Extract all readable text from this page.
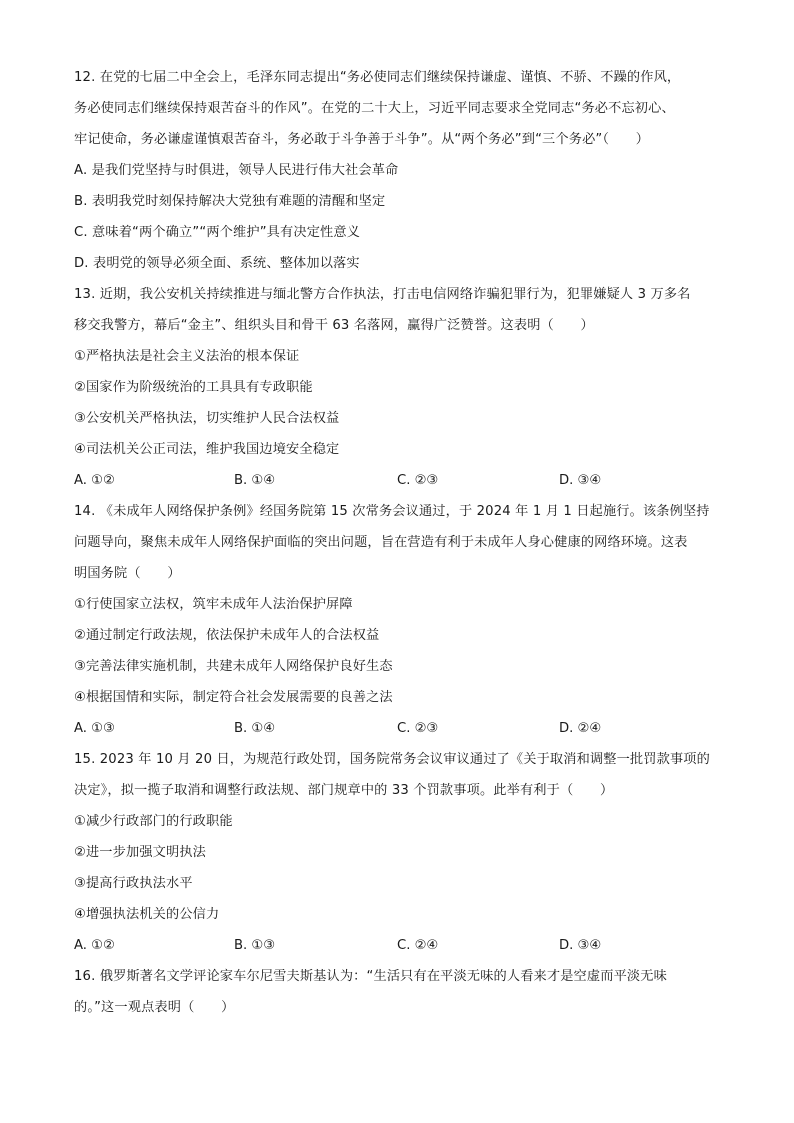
12. 在党的七届二中全会上，毛泽东同志提出“务必使同志们继续保持谦虚、谨慎、不骄、不躁的作风，
务必使同志们继续保持艰苦奋斗的作风”。在党的二十大上，习近平同志要求全党同志“务必不忘初心、
牢记使命，务必谦虚谨慎艰苦奋斗，务必敢于斗争善于斗争”。从“两个务必”到“三个务必”（　　）
A. 是我们党坚持与时俱进，领导人民进行伟大社会革命
B. 表明我党时刻保持解决大党独有难题的清醒和坚定
C. 意味着“两个确立”“两个维护”具有决定性意义
D. 表明党的领导必须全面、系统、整体加以落实
13. 近期，我公安机关持续推进与缅北警方合作执法，打击电信网络诈骗犯罪行为，犯罪嫌疑人 3 万多名
移交我警方，幕后“金主”、组织头目和骨干 63 名落网，赢得广泛赞誉。这表明（　　）
①严格执法是社会主义法治的根本保证
②国家作为阶级统治的工具具有专政职能
③公安机关严格执法，切实维护人民合法权益
④司法机关公正司法，维护我国边境安全稳定
A. ①②	B. ①④	C. ②③	D. ③④
14. 《未成年人网络保护条例》经国务院第 15 次常务会议通过，于 2024 年 1 月 1 日起施行。该条例坚持
问题导向，聚焦未成年人网络保护面临的突出问题，旨在营造有利于未成年人身心健康的网络环境。这表
明国务院（　　）
①行使国家立法权，筑牢未成年人法治保护屏障
②通过制定行政法规，依法保护未成年人的合法权益
③完善法律实施机制，共建未成年人网络保护良好生态
④根据国情和实际，制定符合社会发展需要的良善之法
A. ①③	B. ①④	C. ②③	D. ②④
15. 2023 年 10 月 20 日，为规范行政处罚，国务院常务会议审议通过了《关于取消和调整一批罚款事项的
决定》，拟一揽子取消和调整行政法规、部门规章中的 33 个罚款事项。此举有利于（　　）
①减少行政部门的行政职能
②进一步加强文明执法
③提高行政执法水平
④增强执法机关的公信力
A. ①②	B. ①③	C. ②④	D. ③④
16. 俄罗斯著名文学评论家车尔尼雪夫斯基认为：“生活只有在平淡无味的人看来才是空虚而平淡无味
的。”这一观点表明（　　）
